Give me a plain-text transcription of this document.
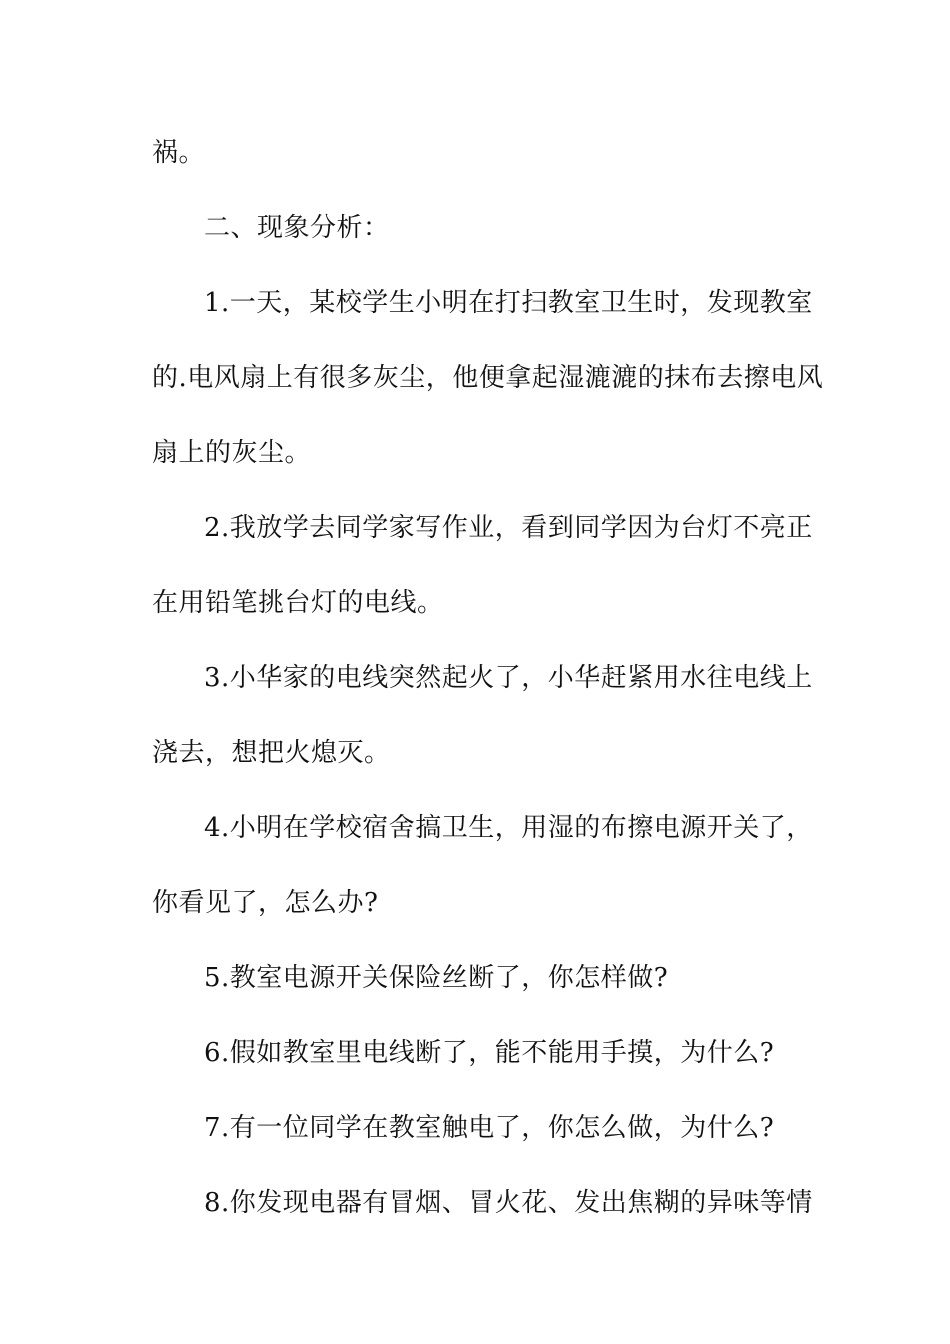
祸。
二、现象分析：
1.一天，某校学生小明在打扫教室卫生时，发现教室
的.电风扇上有很多灰尘，他便拿起湿漉漉的抹布去擦电风
扇上的灰尘。
2.我放学去同学家写作业，看到同学因为台灯不亮正
在用铅笔挑台灯的电线。
3.小华家的电线突然起火了，小华赶紧用水往电线上
浇去，想把火熄灭。
4.小明在学校宿舍搞卫生，用湿的布擦电源开关了，
你看见了，怎么办?
5.教室电源开关保险丝断了，你怎样做?
6.假如教室里电线断了，能不能用手摸，为什么?
7.有一位同学在教室触电了，你怎么做，为什么?
8.你发现电器有冒烟、冒火花、发出焦糊的异味等情
